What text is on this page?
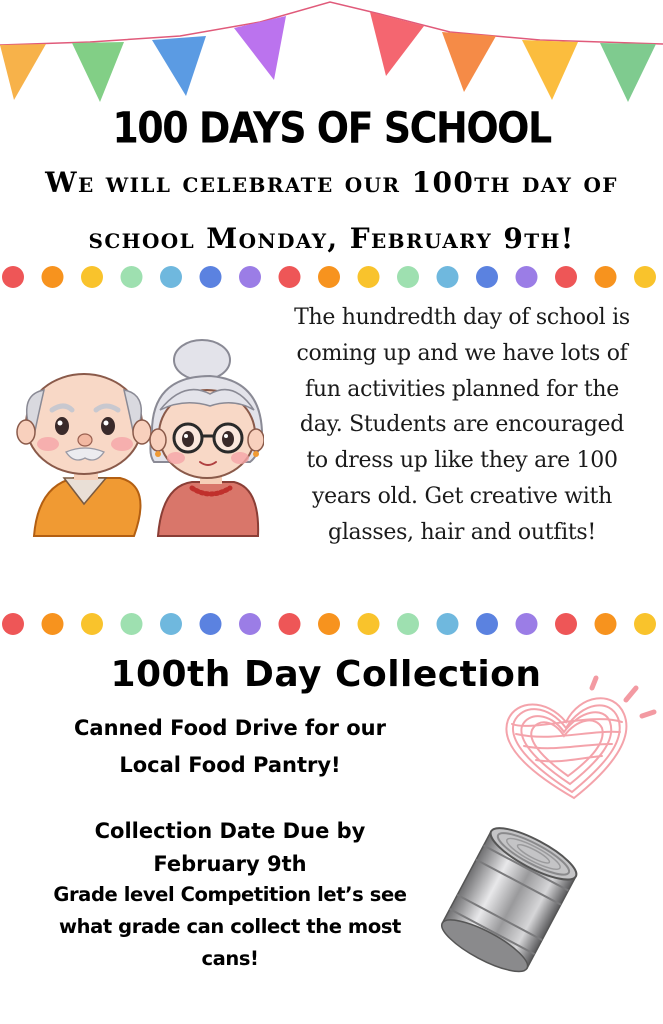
100 DAYS OF SCHOOL
We will celebrate our 100th day of
school Monday, February 9th!
The hundredth day of school is
coming up and we have lots of
fun activities planned for the
day. Students are encouraged
to dress up like they are 100
years old. Get creative with
glasses, hair and outfits!
100th Day Collection
Canned Food Drive for our
Local Food Pantry!
Collection Date Due by
February 9th
Grade level Competition let’s see
what grade can collect the most
cans!
